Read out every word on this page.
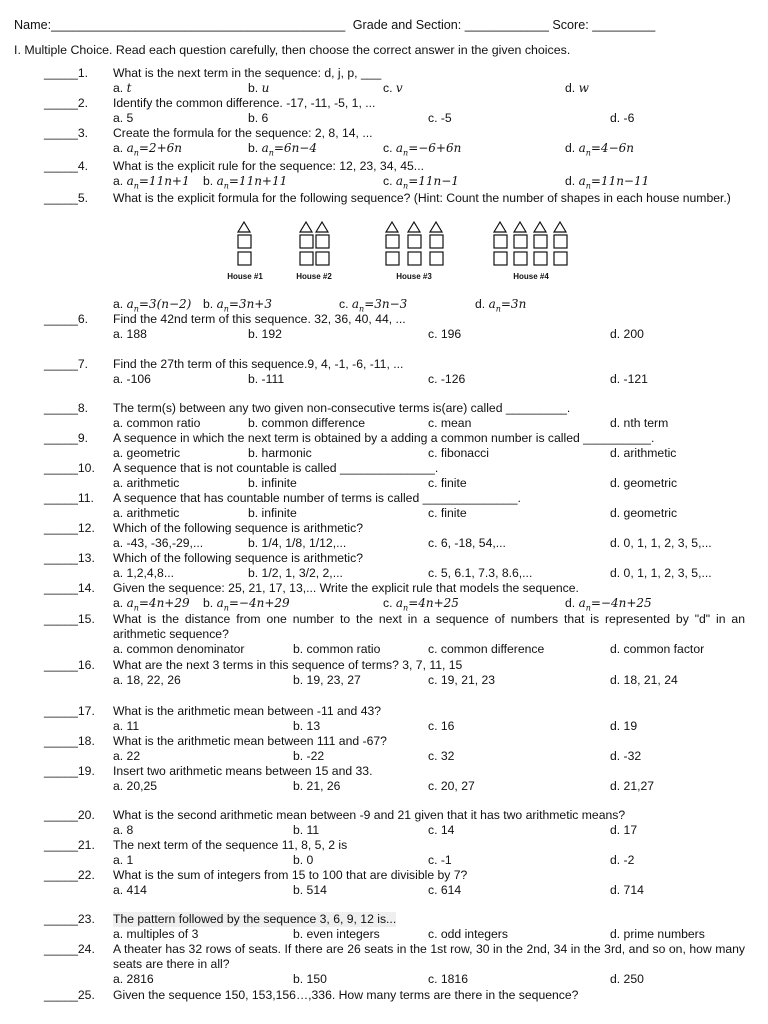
Name:__________________________________________ Grade and Section: ____________ Score: _________
I. Multiple Choice. Read each question carefully, then choose the correct answer in the given choices.
_____1. What is the next term in the sequence: d, j, p, ___
a. t	b. u	c. v	d. w
_____2. Identify the common difference. -17, -11, -5, 1, ...
a. 5	b. 6	c. -5	d. -6
_____3. Create the formula for the sequence: 2, 8, 14, ...
a. $a_n=2+6n$	b. $a_n=6n-4$	c. $a_n=-6+6n$	d. $a_n=4-6n$
_____4. What is the explicit rule for the sequence: 12, 23, 34, 45...
a. $a_n=11n+1$ b. $a_n=11n+11$	c. $a_n=11n-1$	d. $a_n=11n-11$
_____5. What is the explicit formula for the following sequence? (Hint: Count the number of shapes in each house number.)
a. $a_n=3(n-2)$ b. $a_n=3n+3$	c. $a_n=3n-3$	d. $a_n=3n$
_____6. Find the 42nd term of this sequence. 32, 36, 40, 44, ...
a. 188	b. 192	c. 196	d. 200
_____7. Find the 27th term of this sequence.9, 4, -1, -6, -11, ...
a. -106	b. -111	c. -126	d. -121
_____8. The term(s) between any two given non-consecutive terms is(are) called _________.
a. common ratio	b. common difference	c. mean	d. nth term
_____9. A sequence in which the next term is obtained by a adding a common number is called __________.
a. geometric	b. harmonic	c. fibonacci	d. arithmetic
_____10. A sequence that is not countable is called ______________.
a. arithmetic	b. infinite	c. finite	d. geometric
_____11. A sequence that has countable number of terms is called ______________.
a. arithmetic	b. infinite	c. finite	d. geometric
_____12. Which of the following sequence is arithmetic?
a. -43, -36,-29,...	b. 1/4, 1/8, 1/12,...	c. 6, -18, 54,...	d. 0, 1, 1, 2, 3, 5,...
_____13. Which of the following sequence is arithmetic?
a. 1,2,4,8...	b. 1/2, 1, 3/2, 2,...	c. 5, 6.1, 7.3, 8.6,...	d. 0, 1, 1, 2, 3, 5,...
_____14. Given the sequence: 25, 21, 17, 13,... Write the explicit rule that models the sequence.
a. $a_n=4n+29$ b. $a_n=-4n+29$	c. $a_n=4n+25$	d. $a_n=-4n+25$
_____15. What is the distance from one number to the next in a sequence of numbers that is represented by "d" in an arithmetic sequence?
a. common denominator	b. common ratio	c. common difference	d. common factor
_____16. What are the next 3 terms in this sequence of terms? 3, 7, 11, 15
a. 18, 22, 26	b. 19, 23, 27	c. 19, 21, 23	d. 18, 21, 24
_____17. What is the arithmetic mean between -11 and 43?
a. 11	b. 13	c. 16	d. 19
_____18. What is the arithmetic mean between 111 and -67?
a. 22	b. -22	c. 32	d. -32
_____19. Insert two arithmetic means between 15 and 33.
a. 20,25	b. 21, 26	c. 20, 27	d. 21,27
_____20. What is the second arithmetic mean between -9 and 21 given that it has two arithmetic means?
a. 8	b. 11	c. 14	d. 17
_____21. The next term of the sequence 11, 8, 5, 2 is
a. 1	b. 0	c. -1	d. -2
_____22. What is the sum of integers from 15 to 100 that are divisible by 7?
a. 414	b. 514	c. 614	d. 714
_____23. The pattern followed by the sequence 3, 6, 9, 12 is...
a. multiples of 3	b. even integers	c. odd integers	d. prime numbers
_____24. A theater has 32 rows of seats. If there are 26 seats in the 1st row, 30 in the 2nd, 34 in the 3rd, and so on, how many seats are there in all?
a. 2816	b. 150	c. 1816	d. 250
_____25. Given the sequence 150, 153,156…,336. How many terms are there in the sequence?
House #1	House #2	House #3	House #4
